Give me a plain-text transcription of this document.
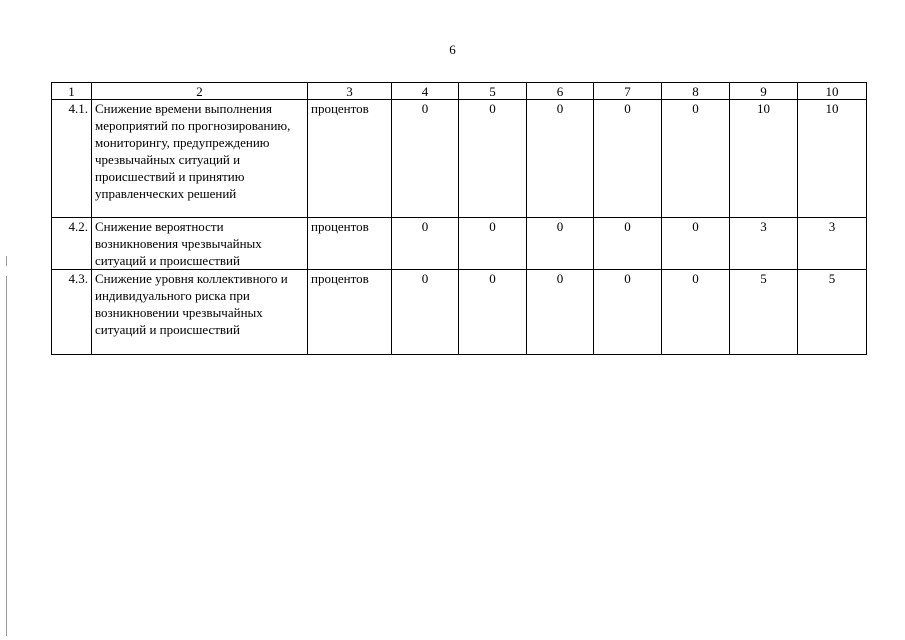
6
1	2	3	4	5	6	7	8	9	10
4.1.	Снижение времени выполнения мероприятий по прогнозированию, мониторингу, предупреждению чрезвычайных ситуаций и происшествий и принятию управленческих решений	процентов	0	0	0	0	0	10	10
4.2.	Снижение вероятности возникновения чрезвычайных ситуаций и происшествий	процентов	0	0	0	0	0	3	3
4.3.	Снижение уровня коллективного и индивидуального риска при возникновении чрезвычайных ситуаций и происшествий	процентов	0	0	0	0	0	5	5
